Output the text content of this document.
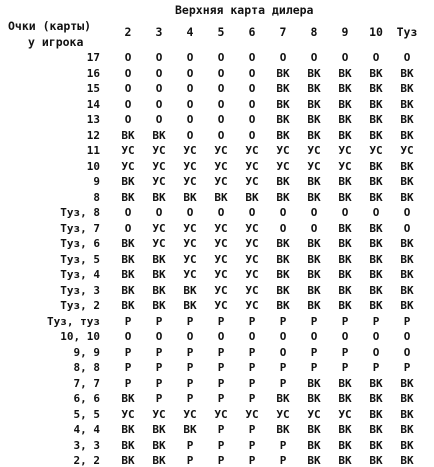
Верхняя карта дилера
Очки (карты)
у игрока
2	3	4	5	6	7	8	9	10	Туз
17	О	О	О	О	О	О	О	О	О	О
16	О	О	О	О	О	ВК	ВК	ВК	ВК	ВК
15	О	О	О	О	О	ВК	ВК	ВК	ВК	ВК
14	О	О	О	О	О	ВК	ВК	ВК	ВК	ВК
13	О	О	О	О	О	ВК	ВК	ВК	ВК	ВК
12	ВК	ВК	О	О	О	ВК	ВК	ВК	ВК	ВК
11	УС	УС	УС	УС	УС	УС	УС	УС	УС	УС
10	УС	УС	УС	УС	УС	УС	УС	УС	ВК	ВК
9	ВК	УС	УС	УС	УС	ВК	ВК	ВК	ВК	ВК
8	ВК	ВК	ВК	ВК	ВК	ВК	ВК	ВК	ВК	ВК
Туз, 8	О	О	О	О	О	О	О	О	О	О
Туз, 7	О	УС	УС	УС	УС	О	О	ВК	ВК	О
Туз, 6	ВК	УС	УС	УС	УС	ВК	ВК	ВК	ВК	ВК
Туз, 5	ВК	ВК	УС	УС	УС	ВК	ВК	ВК	ВК	ВК
Туз, 4	ВК	ВК	УС	УС	УС	ВК	ВК	ВК	ВК	ВК
Туз, 3	ВК	ВК	ВК	УС	УС	ВК	ВК	ВК	ВК	ВК
Туз, 2	ВК	ВК	ВК	УС	УС	ВК	ВК	ВК	ВК	ВК
Туз, туз	Р	Р	Р	Р	Р	Р	Р	Р	Р	Р
10, 10	О	О	О	О	О	О	О	О	О	О
9, 9	Р	Р	Р	Р	Р	О	Р	Р	О	О
8, 8	Р	Р	Р	Р	Р	Р	Р	Р	Р	Р
7, 7	Р	Р	Р	Р	Р	Р	ВК	ВК	ВК	ВК
6, 6	ВК	Р	Р	Р	Р	ВК	ВК	ВК	ВК	ВК
5, 5	УС	УС	УС	УС	УС	УС	УС	УС	ВК	ВК
4, 4	ВК	ВК	ВК	Р	Р	ВК	ВК	ВК	ВК	ВК
3, 3	ВК	ВК	Р	Р	Р	Р	ВК	ВК	ВК	ВК
2, 2	ВК	ВК	Р	Р	Р	Р	ВК	ВК	ВК	ВК
